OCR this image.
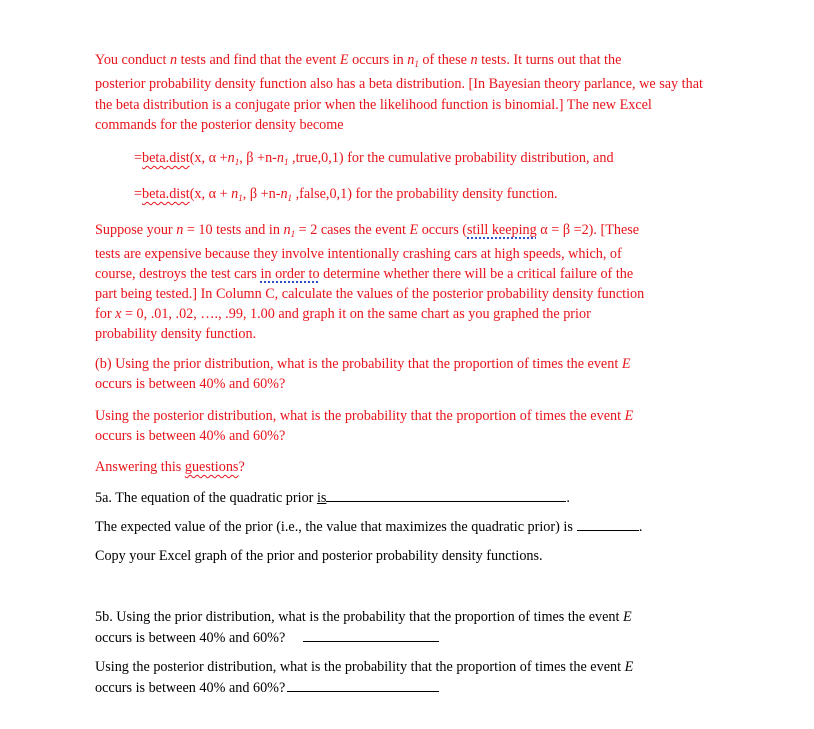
You conduct n tests and find that the event E occurs in $n_1$ of these n tests. It turns out that the

posterior probability density function also has a beta distribution. [In Bayesian theory parlance, we say that the beta distribution is a conjugate prior when the likelihood function is binomial.] The new Excel commands for the posterior density become

=beta.dist(x, $\alpha +n_1$, $\beta +n-n_1$ ,true,0,1) for the cumulative probability distribution, and
=beta.dist(x, $\alpha + n_1$, $\beta +n-n_1$ ,false,0,1) for the probability density function.
Suppose your n = 10 tests and in $n_1 = 2$ cases the event E occurs (still keeping α = β =2). [These
tests are expensive because they involve intentionally crashing cars at high speeds, which, of
course, destroys the test cars in order to determine whether there will be a critical failure of the
part being tested.] In Column C, calculate the values of the posterior probability density function
for x = 0, .01, .02, …., .99, 1.00 and graph it on the same chart as you graphed the prior
probability density function.
(b) Using the prior distribution, what is the probability that the proportion of times the event E
occurs is between 40% and 60%?
Using the posterior distribution, what is the probability that the proportion of times the event E
occurs is between 40% and 60%?
Answering this guestions?
5a. The equation of the quadratic prior is	.
The expected value of the prior (i.e., the value that maximizes the quadratic prior) is	.
Copy your Excel graph of the prior and posterior probability density functions.
5b. Using the prior distribution, what is the probability that the proportion of times the event E
occurs is between 40% and 60%?
Using the posterior distribution, what is the probability that the proportion of times the event E
occurs is between 40% and 60%?
